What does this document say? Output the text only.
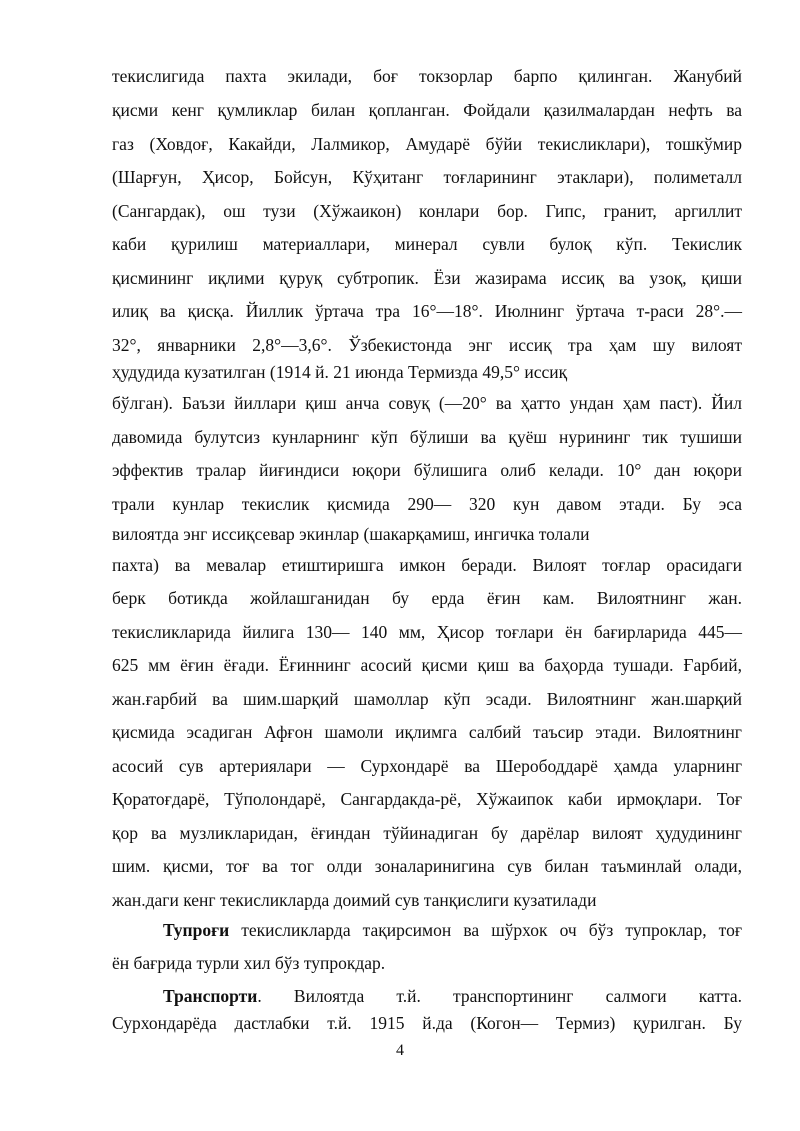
текислигида пахта экилади, боғ токзорлар барпо қилинган. Жанубий
қисми кенг қумликлар билан қопланган. Фойдали қазилмалардан нефть ва
газ (Ховдоғ, Какайди, Лалмикор, Амударё бўйи текисликлари), тошкўмир
(Шарғун, Ҳисор, Бойсун, Кўҳитанг тоғларининг этаклари), полиметалл
(Сангардак), ош тузи (Хўжаикон) конлари бор. Гипс, гранит, аргиллит
каби қурилиш материаллари, минерал сувли булоқ кўп. Текислик
қисмининг иқлими қуруқ субтропик. Ёзи жазирама иссиқ ва узоқ, қиши
илиқ ва қисқа. Йиллик ўртача тра 16°—18°. Июлнинг ўртача т-раси 28°.—
32°, январники 2,8°—3,6°. Ўзбекистонда энг иссиқ тра ҳам шу вилоят
ҳудудида кузатилган (1914 й. 21 июнда Термизда 49,5° иссиқ
бўлган). Баъзи йиллари қиш анча совуқ (—20° ва ҳатто ундан ҳам паст). Йил
давомида булутсиз кунларнинг кўп бўлиши ва қуёш нурининг тик тушиши
эффектив тралар йиғиндиси юқори бўлишига олиб келади. 10° дан юқори
трали кунлар текислик қисмида 290— 320 кун давом этади. Бу эса
вилоятда энг иссиқсевар экинлар (шакарқамиш, ингичка толали
пахта) ва мевалар етиштиришга имкон беради. Вилоят тоғлар орасидаги
берк ботикда жойлашганидан бу ерда ёғин кам. Вилоятнинг жан.
текисликларида йилига 130— 140 мм, Ҳисор тоғлари ён бағирларида 445—
625 мм ёғин ёғади. Ёғиннинг асосий қисми қиш ва баҳорда тушади. Ғарбий,
жан.ғарбий ва шим.шарқий шамоллар кўп эсади. Вилоятнинг жан.шарқий
қисмида эсадиган Афғон шамоли иқлимга салбий таъсир этади. Вилоятнинг
асосий сув артериялари — Сурхондарё ва Шерободдарё ҳамда уларнинг
Қоратоғдарё, Тўполондарё, Сангардакда-рё, Хўжаипок каби ирмоқлари. Тоғ
қор ва музликларидан, ёғиндан тўйинадиган бу дарёлар вилоят ҳудудининг
шим. қисми, тоғ ва тог олди зоналаринигина сув билан таъминлай олади,
жан.даги кенг текисликларда доимий сув танқислиги кузатилади
Тупроғи текисликларда тақирсимон ва шўрхок оч бўз тупроклар, тоғ
ён бағрида турли хил бўз тупрокдар.
Транспорти. Вилоятда т.й. транспортининг салмоги катта.
Сурхондарёда дастлабки т.й. 1915 й.да (Когон— Термиз) қурилган. Бу
4
